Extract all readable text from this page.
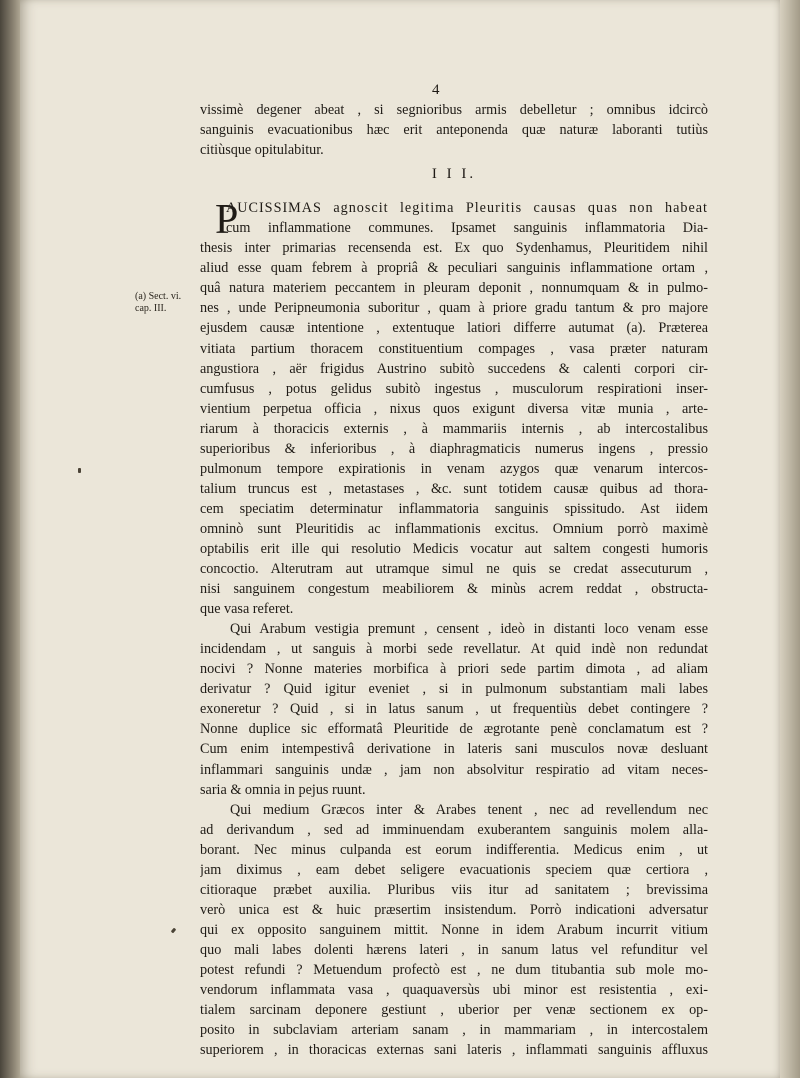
4
(a) Sect. vi.
cap. III.
vissimè degener abeat , si segnioribus armis debelletur ; omnibus idcircò
sanguinis evacuationibus hæc erit anteponenda quæ naturæ laboranti tutiùs
citiùsque opitulabitur.
I I I.
P
AUCISSIMAS agnoscit legitima Pleuritis causas quas non habeat
cum inflammatione communes. Ipsamet sanguinis inflammatoria Dia-
thesis inter primarias recensenda est. Ex quo Sydenhamus, Pleuritidem nihil
aliud esse quam febrem à propriâ & peculiari sanguinis inflammatione ortam ,
quâ natura materiem peccantem in pleuram deponit , nonnumquam & in pulmo-
nes , unde Peripneumonia suboritur , quam à priore gradu tantum & pro majore
ejusdem causæ intentione , extentuque latiori differre autumat (a). Præterea
vitiata partium thoracem constituentium compages , vasa præter naturam
angustiora , aër frigidus Austrino subitò succedens & calenti corpori cir-
cumfusus , potus gelidus subitò ingestus , musculorum respirationi inser-
vientium perpetua officia , nixus quos exigunt diversa vitæ munia , arte-
riarum à thoracicis externis , à mammariis internis , ab intercostalibus
superioribus & inferioribus , à diaphragmaticis numerus ingens , pressio
pulmonum tempore expirationis in venam azygos quæ venarum intercos-
talium truncus est , metastases , &c. sunt totidem causæ quibus ad thora-
cem speciatim determinatur inflammatoria sanguinis spissitudo. Ast iidem
omninò sunt Pleuritidis ac inflammationis excitus. Omnium porrò maximè
optabilis erit ille qui resolutio Medicis vocatur aut saltem congesti humoris
concoctio. Alterutram aut utramque simul ne quis se credat assecuturum ,
nisi sanguinem congestum meabiliorem & minùs acrem reddat , obstructa-
que vasa referet.
Qui Arabum vestigia premunt , censent , ideò in distanti loco venam esse
incidendam , ut sanguis à morbi sede revellatur. At quid indè non redundat
nocivi ? Nonne materies morbifica à priori sede partim dimota , ad aliam
derivatur ? Quid igitur eveniet , si in pulmonum substantiam mali labes
exoneretur ? Quid , si in latus sanum , ut frequentiùs debet contingere ?
Nonne duplice sic efformatâ Pleuritide de ægrotante penè conclamatum est ?
Cum enim intempestivâ derivatione in lateris sani musculos novæ desluant
inflammari sanguinis undæ , jam non absolvitur respiratio ad vitam neces-
saria & omnia in pejus ruunt.
Qui medium Græcos inter & Arabes tenent , nec ad revellendum nec
ad derivandum , sed ad imminuendam exuberantem sanguinis molem alla-
borant. Nec minus culpanda est eorum indifferentia. Medicus enim , ut
jam diximus , eam debet seligere evacuationis speciem quæ certiora ,
citioraque præbet auxilia. Pluribus viis itur ad sanitatem ; brevissima
verò unica est & huic præsertim insistendum. Porrò indicationi adversatur
qui ex opposito sanguinem mittit. Nonne in idem Arabum incurrit vitium
quo mali labes dolenti hærens lateri , in sanum latus vel refunditur vel
potest refundi ? Metuendum profectò est , ne dum titubantia sub mole mo-
vendorum inflammata vasa , quaquaversùs ubi minor est resistentia , exi-
tialem sarcinam deponere gestiunt , uberior per venæ sectionem ex op-
posito in subclaviam arteriam sanam , in mammariam , in intercostalem
superiorem , in thoracicas externas sani lateris , inflammati sanguinis affluxus
